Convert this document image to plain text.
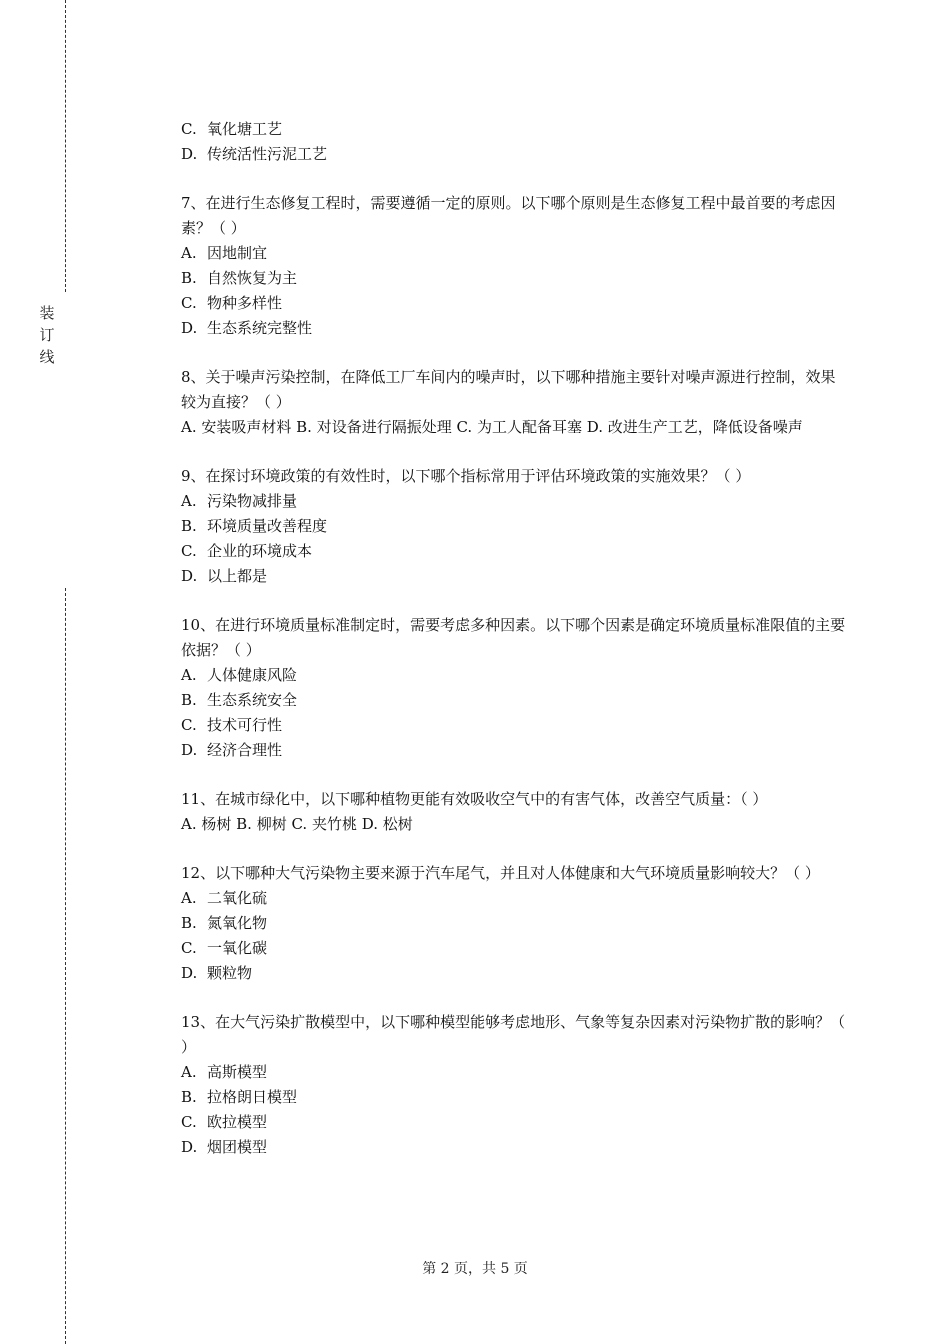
装
订
线

C. 氧化塘工艺

D. 传统活性污泥工艺

7、在进行生态修复工程时，需要遵循一定的原则。以下哪个原则是生态修复工程中最首要的考虑因素？（ ）

A. 因地制宜

B. 自然恢复为主

C. 物种多样性

D. 生态系统完整性

8、关于噪声污染控制，在降低工厂车间内的噪声时，以下哪种措施主要针对噪声源进行控制，效果较为直接？（ ）

A. 安装吸声材料 B. 对设备进行隔振处理 C. 为工人配备耳塞 D. 改进生产工艺，降低设备噪声

9、在探讨环境政策的有效性时，以下哪个指标常用于评估环境政策的实施效果？（ ）

A. 污染物减排量

B. 环境质量改善程度

C. 企业的环境成本

D. 以上都是

10、在进行环境质量标准制定时，需要考虑多种因素。以下哪个因素是确定环境质量标准限值的主要依据？（ ）

A. 人体健康风险

B. 生态系统安全

C. 技术可行性

D. 经济合理性

11、在城市绿化中，以下哪种植物更能有效吸收空气中的有害气体，改善空气质量：（ ）

A. 杨树 B. 柳树 C. 夹竹桃 D. 松树

12、以下哪种大气污染物主要来源于汽车尾气，并且对人体健康和大气环境质量影响较大？（ ）

A. 二氧化硫

B. 氮氧化物

C. 一氧化碳

D. 颗粒物

13、在大气污染扩散模型中，以下哪种模型能够考虑地形、气象等复杂因素对污染物扩散的影响？（ ）

A. 高斯模型

B. 拉格朗日模型

C. 欧拉模型

D. 烟团模型

第 2 页，共 5 页
